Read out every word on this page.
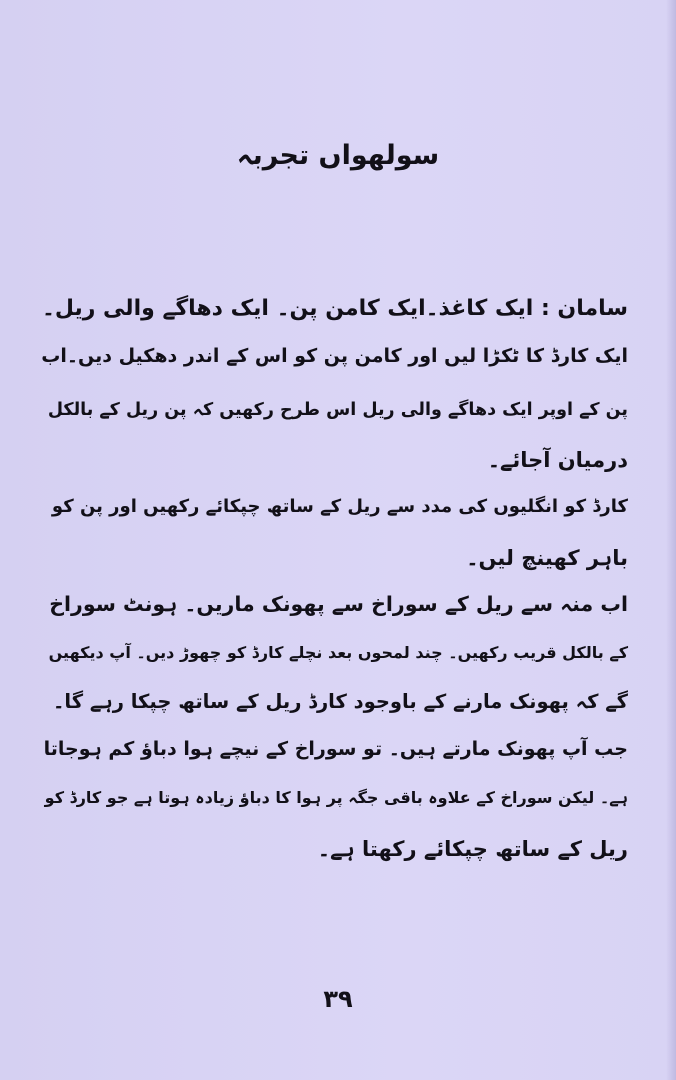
سولھواں تجربہ
سامان : ایک کاغذ۔ایک کامن پن۔ ایک دھاگے والی ریل۔
ایک کارڈ کا ٹکڑا لیں اور کامن پن کو اس کے اندر دھکیل دیں۔اب
پن کے اوپر ایک دھاگے والی ریل اس طرح رکھیں کہ پن ریل کے بالکل
درمیان آجائے۔
کارڈ کو انگلیوں کی مدد سے ریل کے ساتھ چپکائے رکھیں اور پن کو
باہر کھینچ لیں۔
اب منہ سے ریل کے سوراخ سے پھونک ماریں۔ ہونٹ سوراخ
کے بالکل قریب رکھیں۔ چند لمحوں بعد نچلے کارڈ کو چھوڑ دیں۔ آپ دیکھیں
گے کہ پھونک مارنے کے باوجود کارڈ ریل کے ساتھ چپکا رہے گا۔
جب آپ پھونک مارتے ہیں۔ تو سوراخ کے نیچے ہوا دباؤ کم ہوجاتا
ہے۔ لیکن سوراخ کے علاوہ باقی جگہ پر ہوا کا دباؤ زیادہ ہوتا ہے جو کارڈ کو
ریل کے ساتھ چپکائے رکھتا ہے۔
۳۹
